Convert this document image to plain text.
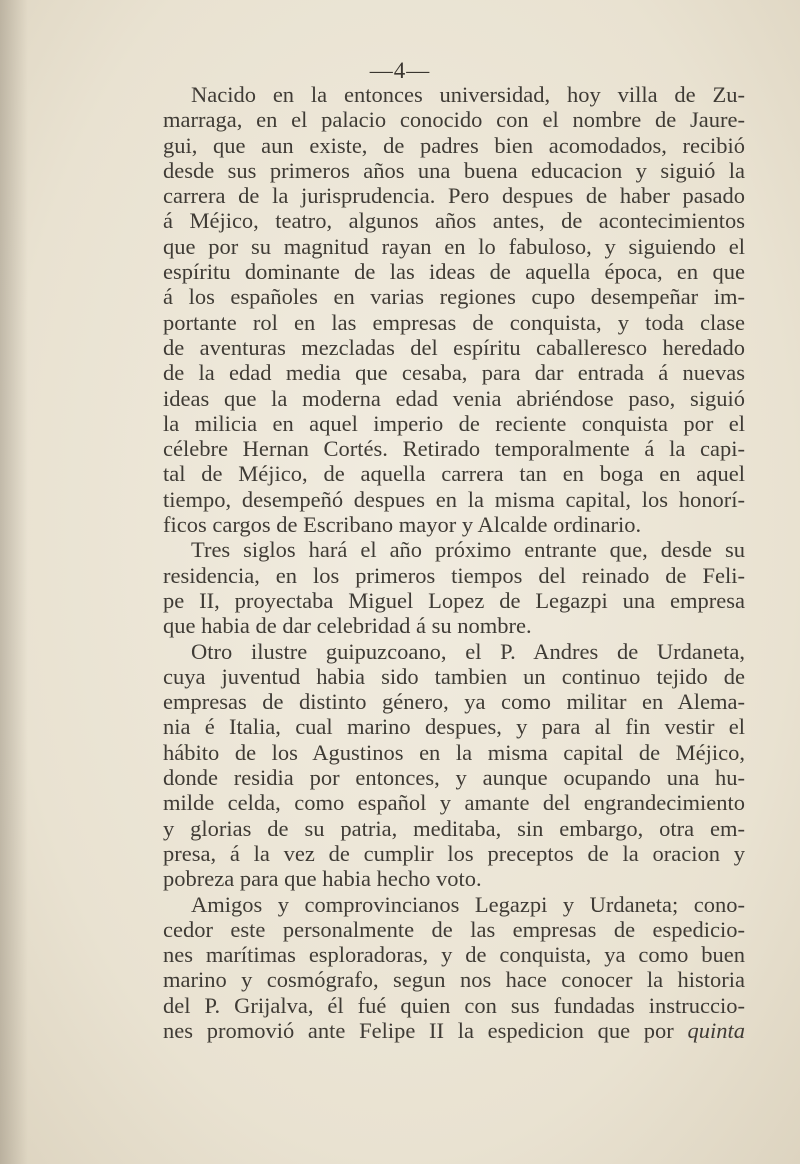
—4—
Nacido en la entonces universidad, hoy villa de Zu-
marraga, en el palacio conocido con el nombre de Jaure-
gui, que aun existe, de padres bien acomodados, recibió
desde sus primeros años una buena educacion y siguió la
carrera de la jurisprudencia. Pero despues de haber pasado
á Méjico, teatro, algunos años antes, de acontecimientos
que por su magnitud rayan en lo fabuloso, y siguiendo el
espíritu dominante de las ideas de aquella época, en que
á los españoles en varias regiones cupo desempeñar im-
portante rol en las empresas de conquista, y toda clase
de aventuras mezcladas del espíritu caballeresco heredado
de la edad media que cesaba, para dar entrada á nuevas
ideas que la moderna edad venia abriéndose paso, siguió
la milicia en aquel imperio de reciente conquista por el
célebre Hernan Cortés. Retirado temporalmente á la capi-
tal de Méjico, de aquella carrera tan en boga en aquel
tiempo, desempeñó despues en la misma capital, los honorí-
ficos cargos de Escribano mayor y Alcalde ordinario.
Tres siglos hará el año próximo entrante que, desde su
residencia, en los primeros tiempos del reinado de Feli-
pe II, proyectaba Miguel Lopez de Legazpi una empresa
que habia de dar celebridad á su nombre.
Otro ilustre guipuzcoano, el P. Andres de Urdaneta,
cuya juventud habia sido tambien un continuo tejido de
empresas de distinto género, ya como militar en Alema-
nia é Italia, cual marino despues, y para al fin vestir el
hábito de los Agustinos en la misma capital de Méjico,
donde residia por entonces, y aunque ocupando una hu-
milde celda, como español y amante del engrandecimiento
y glorias de su patria, meditaba, sin embargo, otra em-
presa, á la vez de cumplir los preceptos de la oracion y
pobreza para que habia hecho voto.
Amigos y comprovincianos Legazpi y Urdaneta; cono-
cedor este personalmente de las empresas de espedicio-
nes marítimas esploradoras, y de conquista, ya como buen
marino y cosmógrafo, segun nos hace conocer la historia
del P. Grijalva, él fué quien con sus fundadas instruccio-
nes promovió ante Felipe II la espedicion que por quinta
